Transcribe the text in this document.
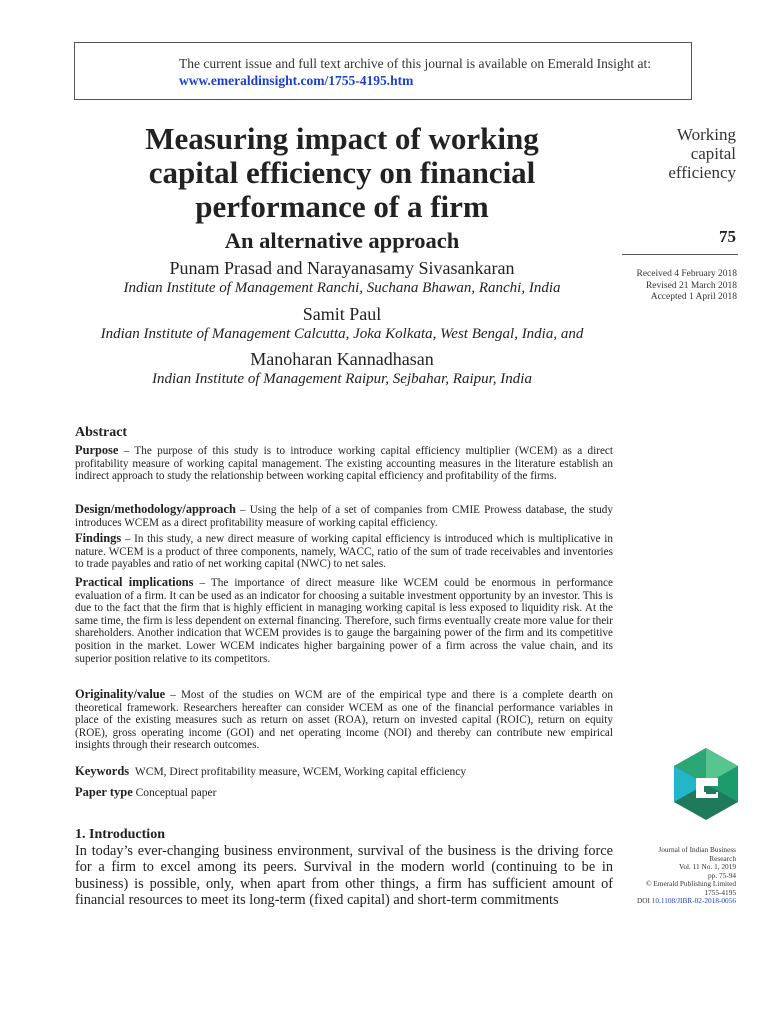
The current issue and full text archive of this journal is available on Emerald Insight at:
www.emeraldinsight.com/1755-4195.htm
Measuring impact of working
capital efficiency on financial
performance of a firm
An alternative approach
Punam Prasad and Narayanasamy Sivasankaran
Indian Institute of Management Ranchi, Suchana Bhawan, Ranchi, India
Samit Paul
Indian Institute of Management Calcutta, Joka Kolkata, West Bengal, India, and
Manoharan Kannadhasan
Indian Institute of Management Raipur, Sejbahar, Raipur, India
Working
capital
efficiency
75
Received 4 February 2018
Revised 21 March 2018
Accepted 1 April 2018
Abstract
Purpose – The purpose of this study is to introduce working capital efficiency multiplier (WCEM) as a direct profitability measure of working capital management. The existing accounting measures in the literature establish an indirect approach to study the relationship between working capital efficiency and profitability of the firms.
Design/methodology/approach – Using the help of a set of companies from CMIE Prowess database, the study introduces WCEM as a direct profitability measure of working capital efficiency.
Findings – In this study, a new direct measure of working capital efficiency is introduced which is multiplicative in nature. WCEM is a product of three components, namely, WACC, ratio of the sum of trade receivables and inventories to trade payables and ratio of net working capital (NWC) to net sales.
Practical implications – The importance of direct measure like WCEM could be enormous in performance evaluation of a firm. It can be used as an indicator for choosing a suitable investment opportunity by an investor. This is due to the fact that the firm that is highly efficient in managing working capital is less exposed to liquidity risk. At the same time, the firm is less dependent on external financing. Therefore, such firms eventually create more value for their shareholders. Another indication that WCEM provides is to gauge the bargaining power of the firm and its competitive position in the market. Lower WCEM indicates higher bargaining power of a firm across the value chain, and its superior position relative to its competitors.
Originality/value – Most of the studies on WCM are of the empirical type and there is a complete dearth on theoretical framework. Researchers hereafter can consider WCEM as one of the financial performance variables in place of the existing measures such as return on asset (ROA), return on invested capital (ROIC), return on equity (ROE), gross operating income (GOI) and net operating income (NOI) and thereby can contribute new empirical insights through their research outcomes.
Keywords WCM, Direct profitability measure, WCEM, Working capital efficiency
Paper type Conceptual paper
Journal of Indian Business
Research
Vol. 11 No. 1, 2019
pp. 75-94
© Emerald Publishing Limited
1755-4195
DOI 10.1108/JIBR-02-2018-0056
1. Introduction
In today’s ever-changing business environment, survival of the business is the driving force for a firm to excel among its peers. Survival in the modern world (continuing to be in business) is possible, only, when apart from other things, a firm has sufficient amount of financial resources to meet its long-term (fixed capital) and short-term commitments
